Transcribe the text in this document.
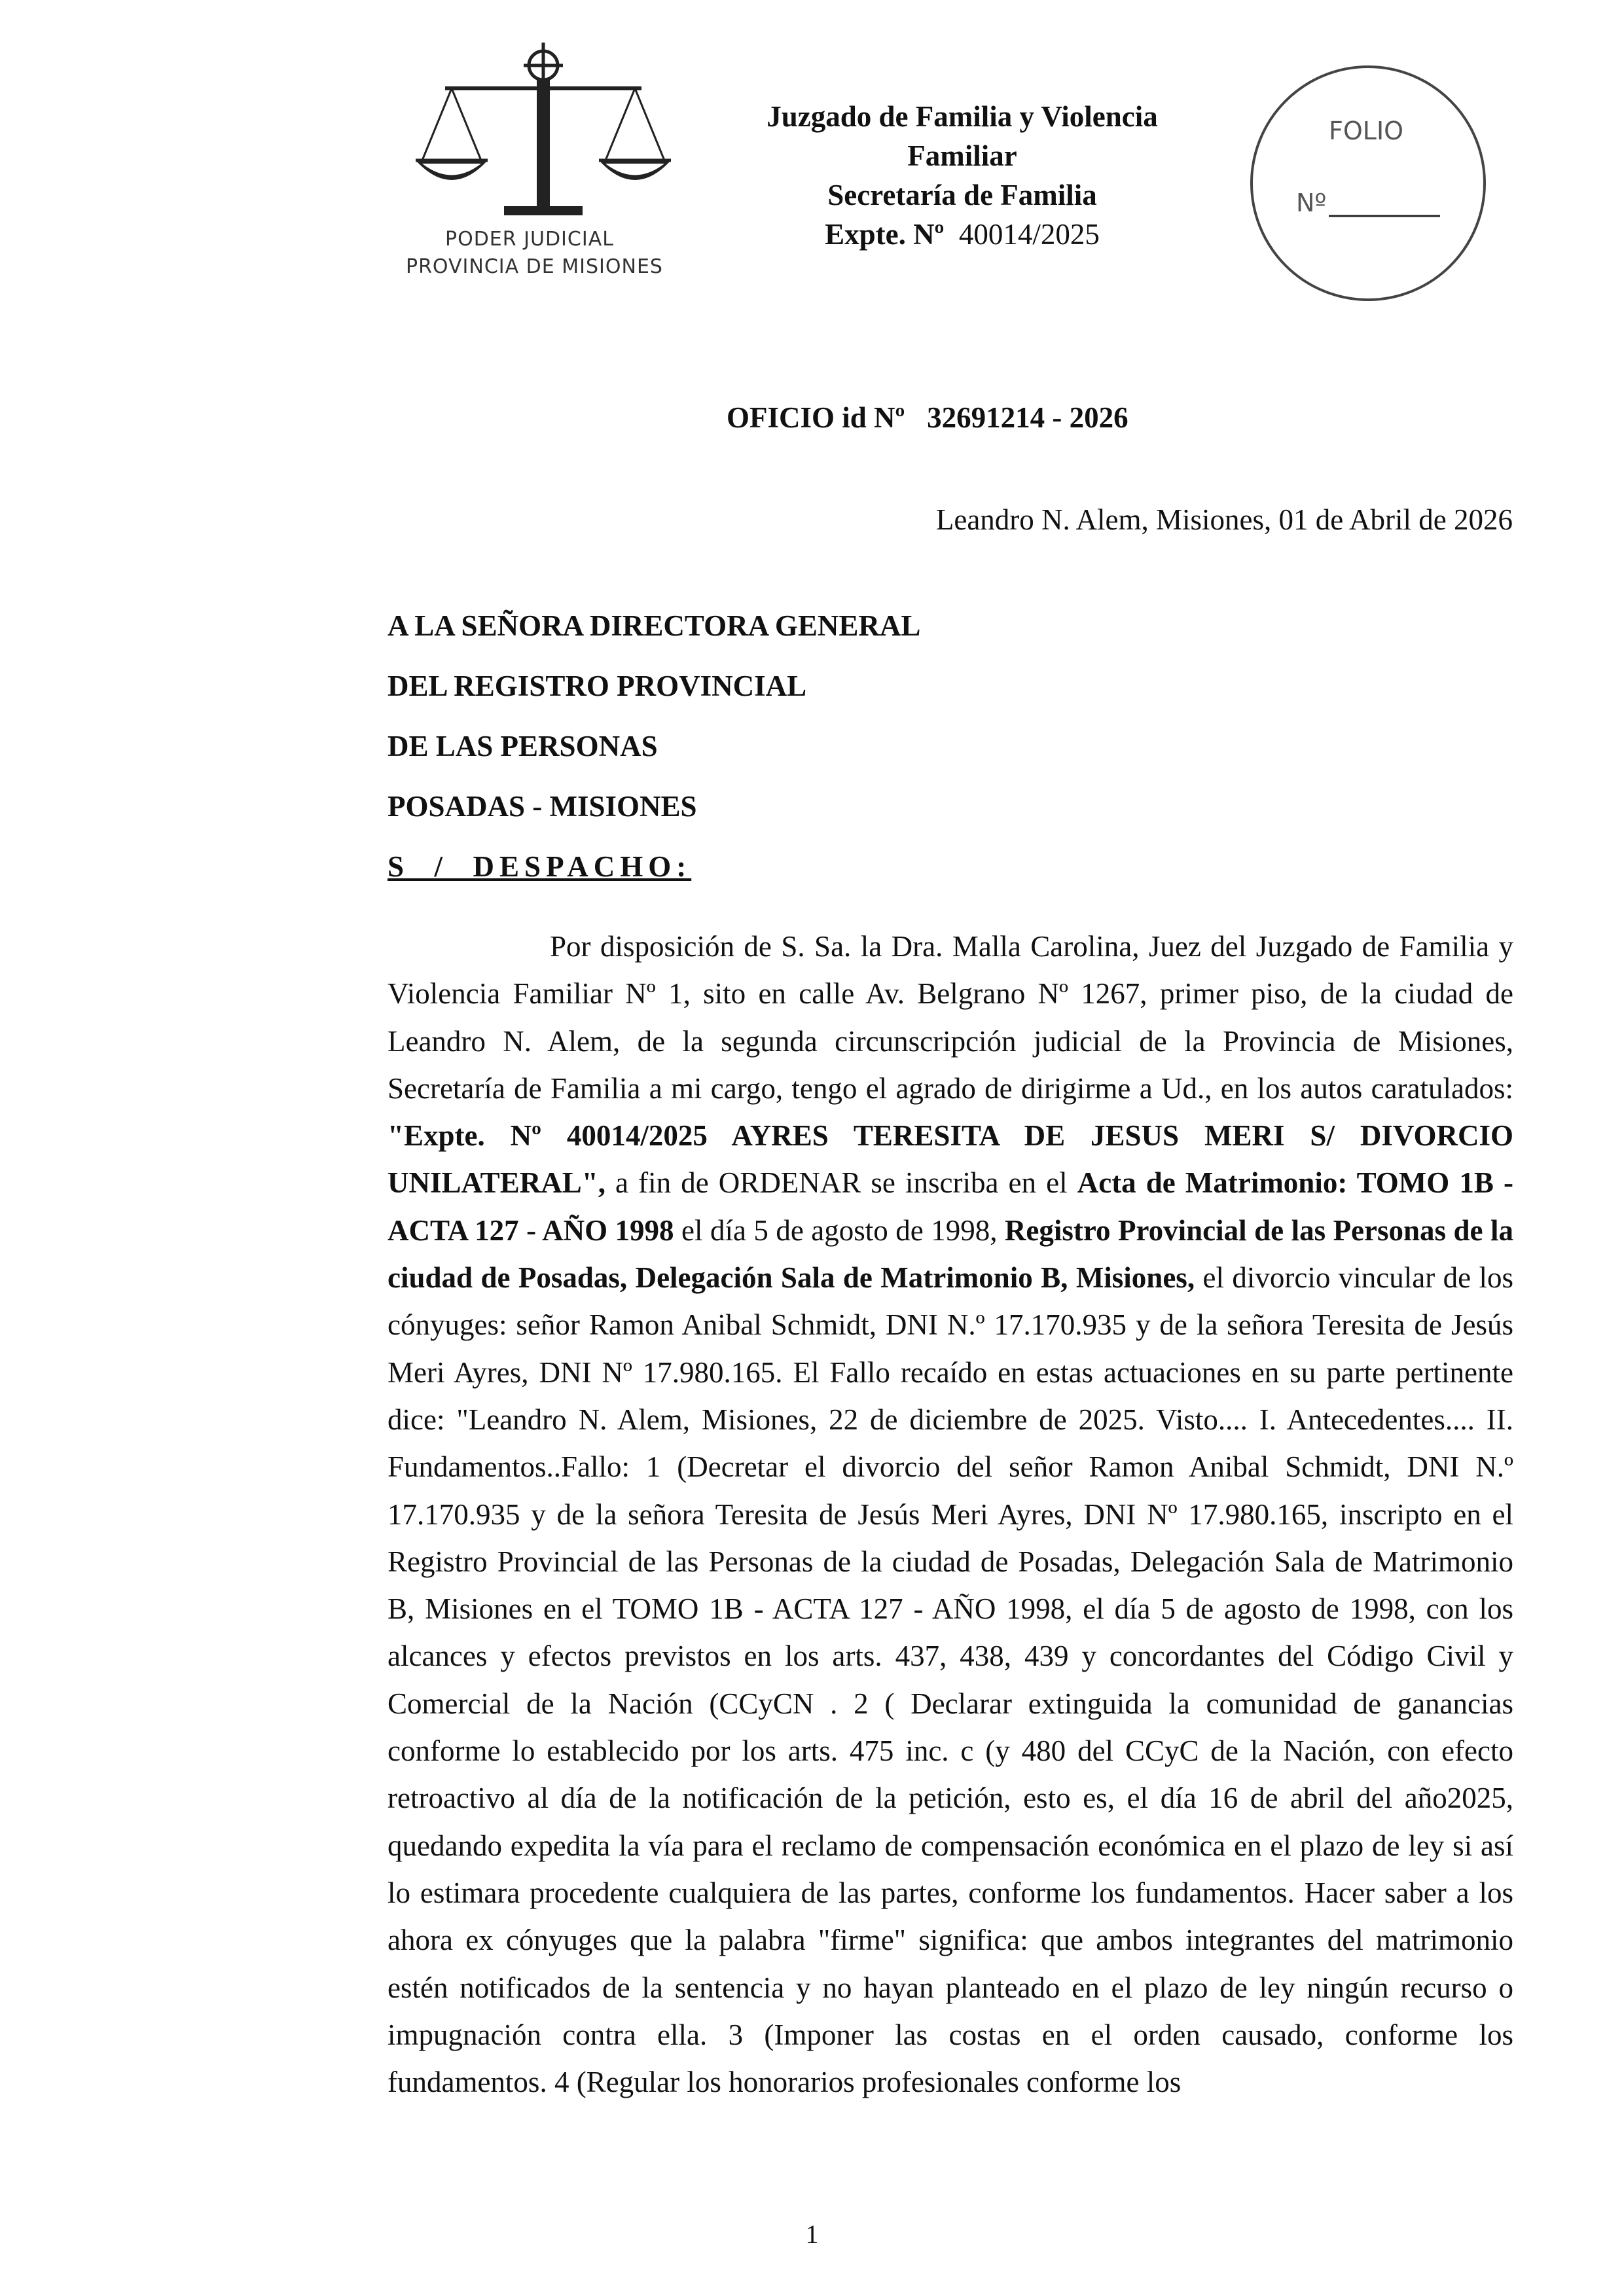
PODER JUDICIAL
PROVINCIA DE MISIONES
Juzgado de Familia y Violencia
Familiar
Secretaría de Familia
Expte. Nº 40014/2025
FOLIO
Nº
OFICIO id Nº   32691214 - 2026
Leandro N. Alem, Misiones, 01 de Abril de 2026
A LA SEÑORA DIRECTORA GENERAL
DEL REGISTRO PROVINCIAL
DE LAS PERSONAS
POSADAS - MISIONES
S  /  DESPACHO:

Por disposición de S. Sa. la Dra. Malla Carolina, Juez del Juzgado de Familia y Violencia Familiar Nº 1, sito en calle Av. Belgrano Nº 1267, primer piso, de la ciudad de Leandro N. Alem, de la segunda circunscripción judicial de la Provincia de Misiones, Secretaría de Familia a mi cargo, tengo el agrado de dirigirme a Ud., en los autos caratulados: "Expte. Nº 40014/2025 AYRES TERESITA DE JESUS MERI S/ DIVORCIO UNILATERAL", a fin de ORDENAR se inscriba en el Acta de Matrimonio: TOMO 1B - ACTA 127 - AÑO 1998 el día 5 de agosto de 1998, Registro Provincial de las Personas de la ciudad de Posadas, Delegación Sala de Matrimonio B, Misiones, el divorcio vincular de los cónyuges: señor Ramon Anibal Schmidt, DNI N.º 17.170.935 y de la señora Teresita de Jesús Meri Ayres, DNI Nº 17.980.165. El Fallo recaído en estas actuaciones en su parte pertinente dice: "Leandro N. Alem, Misiones, 22 de diciembre de 2025. Visto.... I. Antecedentes.... II. Fundamentos..Fallo: 1 (Decretar el divorcio del señor Ramon Anibal Schmidt, DNI N.º 17.170.935 y de la señora Teresita de Jesús Meri Ayres, DNI Nº 17.980.165, inscripto en el Registro Provincial de las Personas de la ciudad de Posadas, Delegación Sala de Matrimonio B, Misiones en el TOMO 1B - ACTA 127 - AÑO 1998, el día 5 de agosto de 1998, con los alcances y efectos previstos en los arts. 437, 438, 439 y concordantes del Código Civil y Comercial de la Nación (CCyCN . 2 ( Declarar extinguida la comunidad de ganancias conforme lo establecido por los arts. 475 inc. c (y 480 del CCyC de la Nación, con efecto retroactivo al día de la notificación de la petición, esto es, el día 16 de abril del año2025, quedando expedita la vía para el reclamo de compensación económica en el plazo de ley si así lo estimara procedente cualquiera de las partes, conforme los fundamentos. Hacer saber a los ahora ex cónyuges que la palabra "firme" significa: que ambos integrantes del matrimonio estén notificados de la sentencia y no hayan planteado en el plazo de ley ningún recurso o impugnación contra ella. 3 (Imponer las costas en el orden causado, conforme los fundamentos. 4 (Regular los honorarios profesionales conforme los

1
